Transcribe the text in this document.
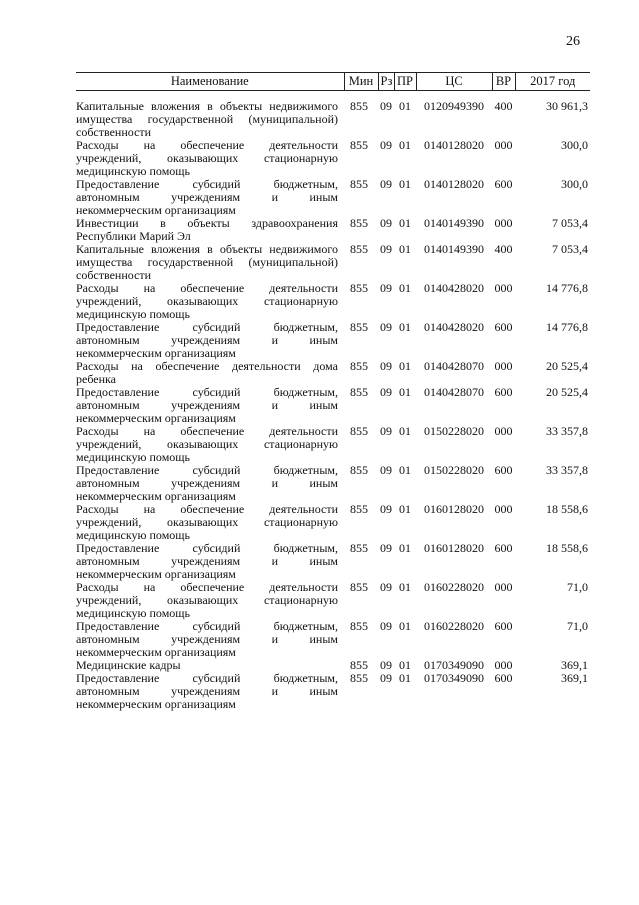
26
Наименование	Мин	Рз	ПР	ЦС	ВР	2017 год
Капитальные вложения в объекты недвижимого имущества государственной (муниципальной) собственности	855	09	01	0120949390	400	30 961,3
Расходы на обеспечение деятельности учреждений, оказывающих стационарную медицинскую помощь	855	09	01	0140128020	000	300,0
Предоставление субсидий бюджетным, автономным учреждениям и иным некоммерческим организациям	855	09	01	0140128020	600	300,0
Инвестиции в объекты здравоохранения Республики Марий Эл	855	09	01	0140149390	000	7 053,4
Капитальные вложения в объекты недвижимого имущества государственной (муниципальной) собственности	855	09	01	0140149390	400	7 053,4
Расходы на обеспечение деятельности учреждений, оказывающих стационарную медицинскую помощь	855	09	01	0140428020	000	14 776,8
Предоставление субсидий бюджетным, автономным учреждениям и иным некоммерческим организациям	855	09	01	0140428020	600	14 776,8
Расходы на обеспечение деятельности дома ребенка	855	09	01	0140428070	000	20 525,4
Предоставление субсидий бюджетным, автономным учреждениям и иным некоммерческим организациям	855	09	01	0140428070	600	20 525,4
Расходы на обеспечение деятельности учреждений, оказывающих стационарную медицинскую помощь	855	09	01	0150228020	000	33 357,8
Предоставление субсидий бюджетным, автономным учреждениям и иным некоммерческим организациям	855	09	01	0150228020	600	33 357,8
Расходы на обеспечение деятельности учреждений, оказывающих стационарную медицинскую помощь	855	09	01	0160128020	000	18 558,6
Предоставление субсидий бюджетным, автономным учреждениям и иным некоммерческим организациям	855	09	01	0160128020	600	18 558,6
Расходы на обеспечение деятельности учреждений, оказывающих стационарную медицинскую помощь	855	09	01	0160228020	000	71,0
Предоставление субсидий бюджетным, автономным учреждениям и иным некоммерческим организациям	855	09	01	0160228020	600	71,0
Медицинские кадры	855	09	01	0170349090	000	369,1
Предоставление субсидий бюджетным, автономным учреждениям и иным некоммерческим организациям	855	09	01	0170349090	600	369,1
